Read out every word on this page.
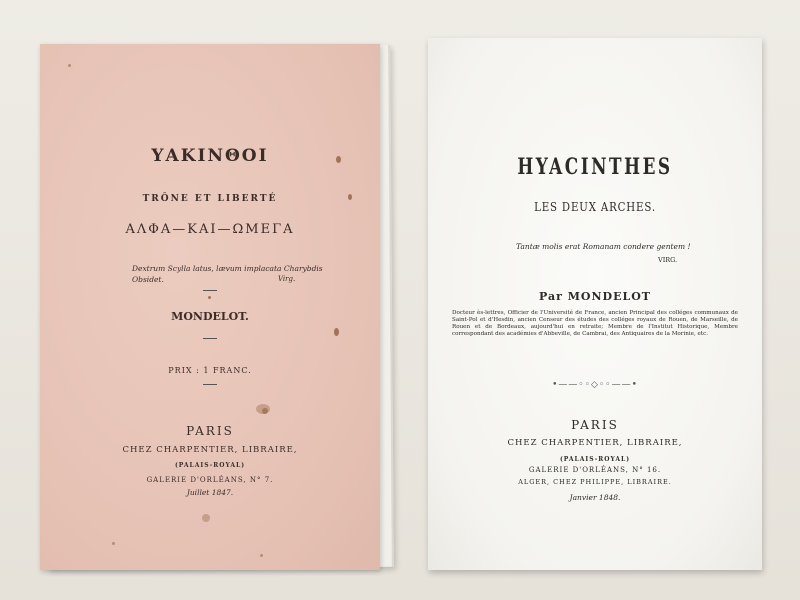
ΥΑΚΙΝΘΟΙ
TRÔNE ET LIBERTÉ
ΑΛΦΑ—ΚΑΙ—ΩΜΕΓΑ
Dextrum Scylla latus, lævum implacata Charybdis
Obsidet.	Virg.
MONDELOT.
PRIX : 1 FRANC.
PARIS
CHEZ CHARPENTIER, LIBRAIRE,
(PALAIS-ROYAL)
GALERIE D'ORLÉANS, N° 7.
Juillet 1847.
HYACINTHES
LES DEUX ARCHES.
Tantæ molis erat Romanam condere gentem !
VIRG.
Par MONDELOT
Docteur ès-lettres, Officier de l'Université de France, ancien Principal des colléges communaux de Saint-Pol et d'Hesdin, ancien Censeur des études des colléges royaux de Rouen, de Marseille, de Rouen et de Bordeaux, aujourd'hui en retraite; Membre de l'Institut Historique, Membre correspondant des académies d'Abbeville, de Cambrai, des Antiquaires de la Morinie, etc.
•——◦◦◇◦◦——•
PARIS
CHEZ CHARPENTIER, LIBRAIRE,
(PALAIS-ROYAL)
GALERIE D'ORLÉANS, N° 16.
ALGER, CHEZ PHILIPPE, LIBRAIRE.
Janvier 1848.
